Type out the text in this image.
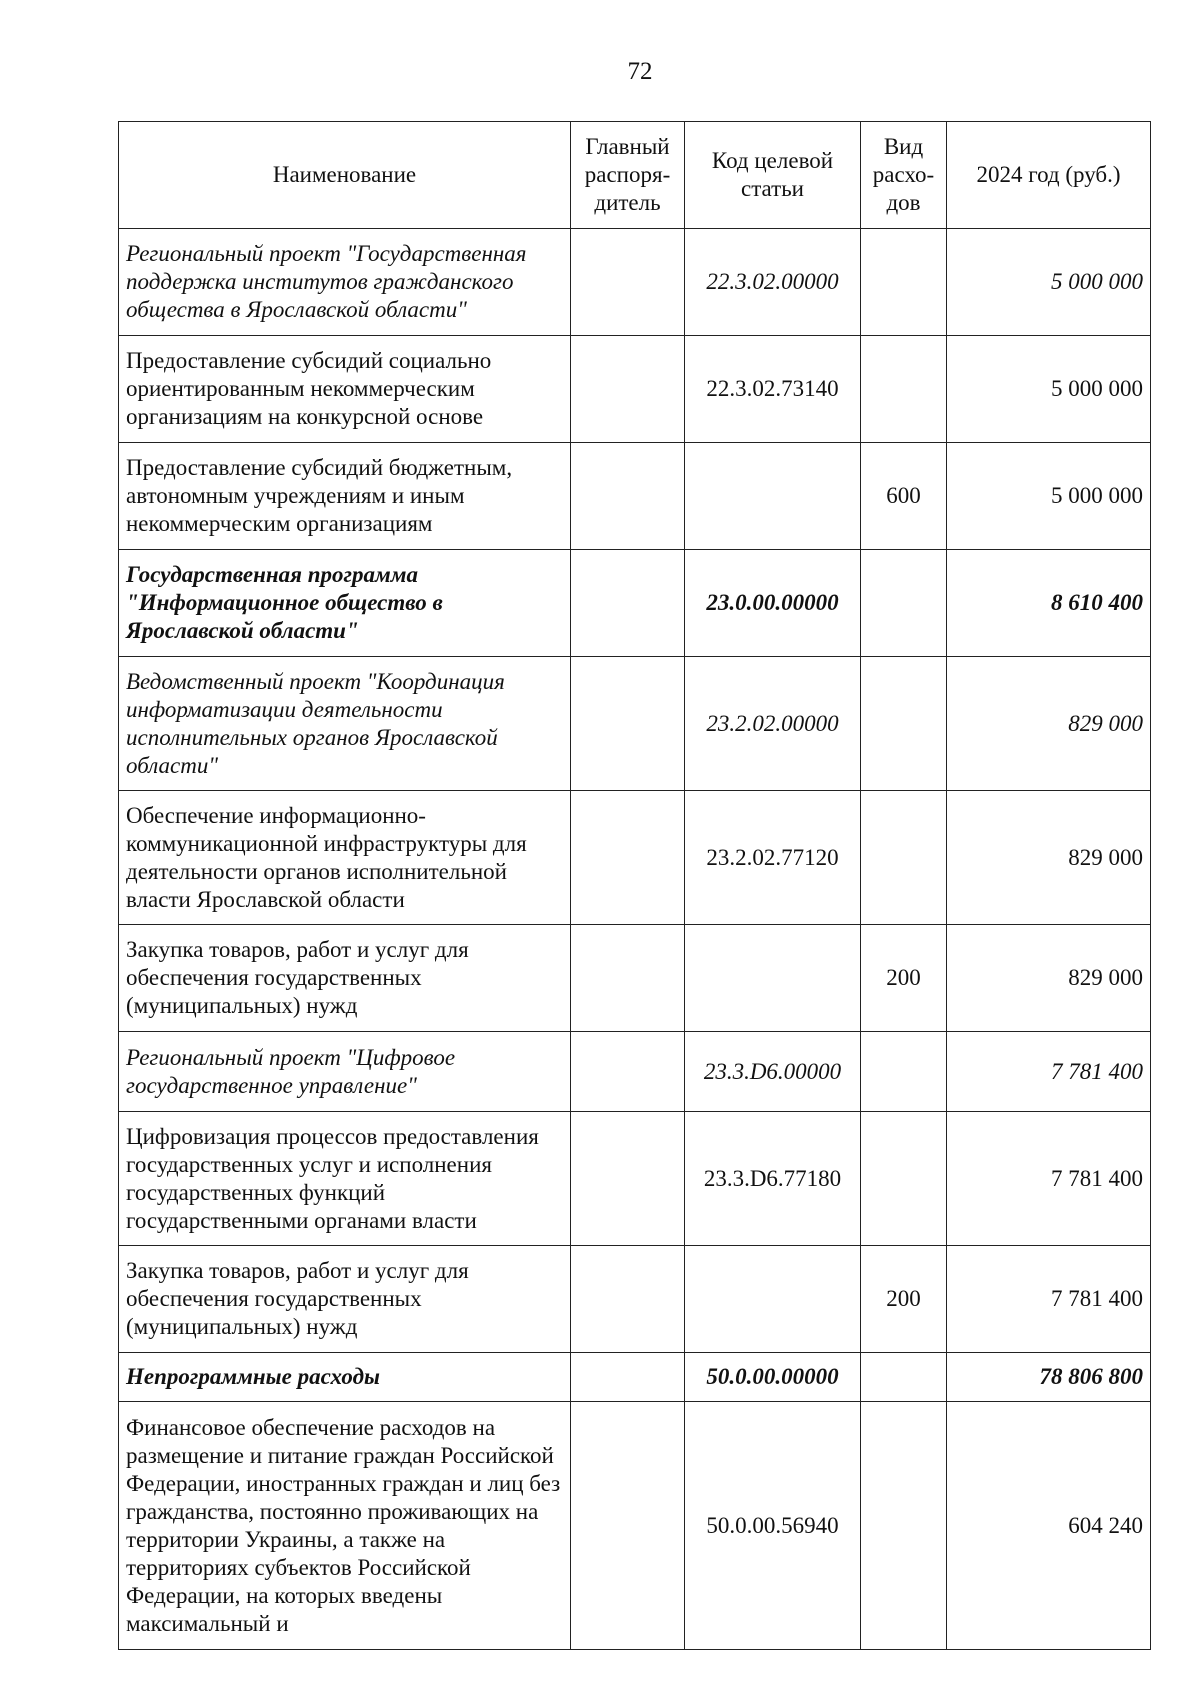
72
Наименование	Главный распоря-дитель	Код целевой статьи	Вид расхо-дов	2024 год (руб.)
Региональный проект "Государственная поддержка институтов гражданского общества в Ярославской области"		22.3.02.00000		5 000 000
Предоставление субсидий социально ориентированным некоммерческим организациям на конкурсной основе		22.3.02.73140		5 000 000
Предоставление субсидий бюджетным, автономным учреждениям и иным некоммерческим организациям			600	5 000 000
Государственная программа "Информационное общество в Ярославской области"		23.0.00.00000		8 610 400
Ведомственный проект "Координация информатизации деятельности исполнительных органов Ярославской области"		23.2.02.00000		829 000
Обеспечение информационно-коммуникационной инфраструктуры для деятельности органов исполнительной власти Ярославской области		23.2.02.77120		829 000
Закупка товаров, работ и услуг для обеспечения государственных (муниципальных) нужд			200	829 000
Региональный проект "Цифровое государственное управление"		23.3.D6.00000		7 781 400
Цифровизация процессов предоставления государственных услуг и исполнения государственных функций государственными органами власти		23.3.D6.77180		7 781 400
Закупка товаров, работ и услуг для обеспечения государственных (муниципальных) нужд			200	7 781 400
Непрограммные расходы		50.0.00.00000		78 806 800
Финансовое обеспечение расходов на размещение и питание граждан Российской Федерации, иностранных граждан и лиц без гражданства, постоянно проживающих на территории Украины, а также на территориях субъектов Российской Федерации, на которых введены максимальный и		50.0.00.56940		604 240
